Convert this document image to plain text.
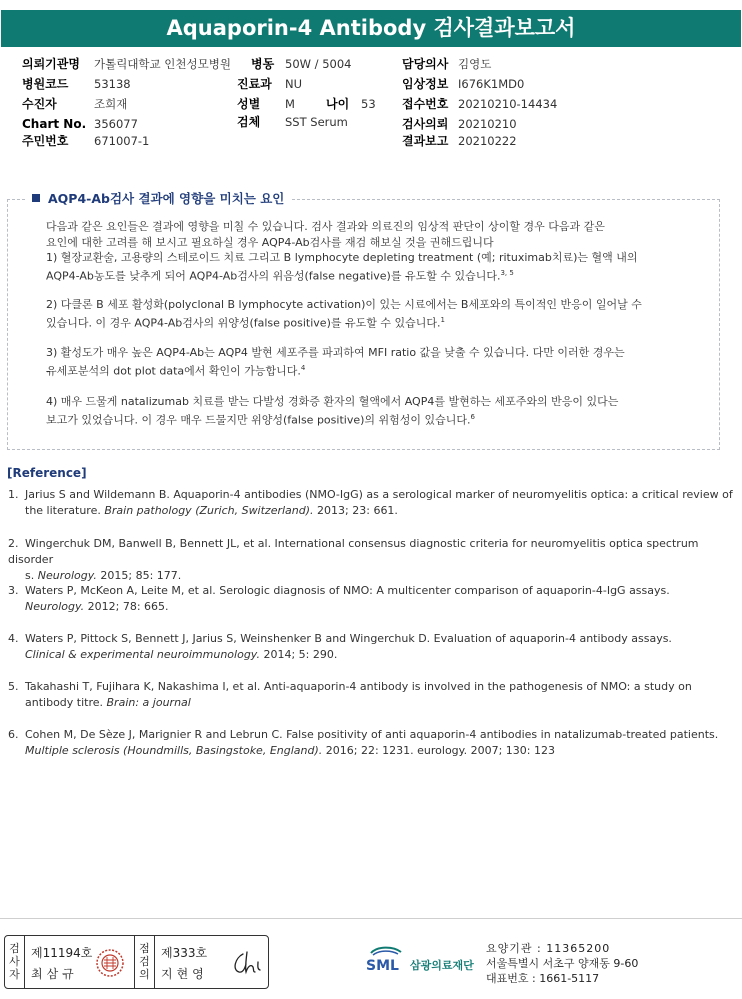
Aquaporin-4 Antibody 검사결과보고서
의뢰기관명 가톨릭대학교 인천성모병원 병동 50W / 5004	담당의사 김영도
병원코드 53138	진료과 NU	임상정보 I676K1MD0
수진자	조희재	성별 M	나이 53 접수번호 20210210-14434
Chart No. 356077	검체 SST Serum	검사의뢰 20210210
주민번호 671007-1	결과보고 20210222
AQP4-Ab검사 결과에 영향을 미치는 요인
다음과 같은 요인들은 결과에 영향을 미칠 수 있습니다. 검사 결과와 의료진의 임상적 판단이 상이할 경우 다음과 같은
요인에 대한 고려를 해 보시고 필요하실 경우 AQP4-Ab검사를 재검 해보실 것을 권해드립니다
1) 혈장교환술, 고용량의 스테로이드 치료 그리고 B lymphocyte depleting treatment (예; rituximab치료)는 혈액 내의
AQP4-Ab농도를 낮추게 되어 AQP4-Ab검사의 위음성(false negative)를 유도할 수 있습니다.$^{3, 5}$
2) 다클론 B 세포 활성화(polyclonal B lymphocyte activation)이 있는 시료에서는 B세포와의 특이적인 반응이 일어날 수
있습니다. 이 경우 AQP4-Ab검사의 위양성(false positive)를 유도할 수 있습니다.$^1$
3) 활성도가 매우 높은 AQP4-Ab는 AQP4 발현 세포주를 파괴하여 MFI ratio 값을 낮출 수 있습니다. 다만 이러한 경우는
유세포분석의 dot plot data에서 확인이 가능합니다.$^4$
4) 매우 드물게 natalizumab 치료를 받는 다발성 경화증 환자의 혈액에서 AQP4를 발현하는 세포주와의 반응이 있다는
보고가 있었습니다. 이 경우 매우 드물지만 위양성(false positive)의 위험성이 있습니다.$^6$
[Reference]
1. Jarius S and Wildemann B. Aquaporin-4 antibodies (NMO-IgG) as a serological marker of neuromyelitis optica: a critical review of
the literature. Brain pathology (Zurich, Switzerland). 2013; 23: 661.
2. Wingerchuk DM, Banwell B, Bennett JL, et al. International consensus diagnostic criteria for neuromyelitis optica spectrum disorder
s. Neurology. 2015; 85: 177.
3. Waters P, McKeon A, Leite M, et al. Serologic diagnosis of NMO: A multicenter comparison of aquaporin-4-IgG assays.
Neurology. 2012; 78: 665.
4. Waters P, Pittock S, Bennett J, Jarius S, Weinshenker B and Wingerchuk D. Evaluation of aquaporin-4 antibody assays.
Clinical & experimental neuroimmunology. 2014; 5: 290.
5. Takahashi T, Fujihara K, Nakashima I, et al. Anti-aquaporin-4 antibody is involved in the pathogenesis of NMO: a study on
antibody titre. Brain: a journal
6. Cohen M, De Sèze J, Marignier R and Lebrun C. False positivity of anti aquaporin-4 antibodies in natalizumab-treated patients.
Multiple sclerosis (Houndmills, Basingstoke, England). 2016; 22: 1231. eurology. 2007; 130: 123
검
사
자
제11194호
최삼규
점
검
의
제333호
지현영	SML 삼광의료재단
요양기관 : 11365200
서울특별시 서초구 양재동 9-60
대표번호 : 1661-5117
